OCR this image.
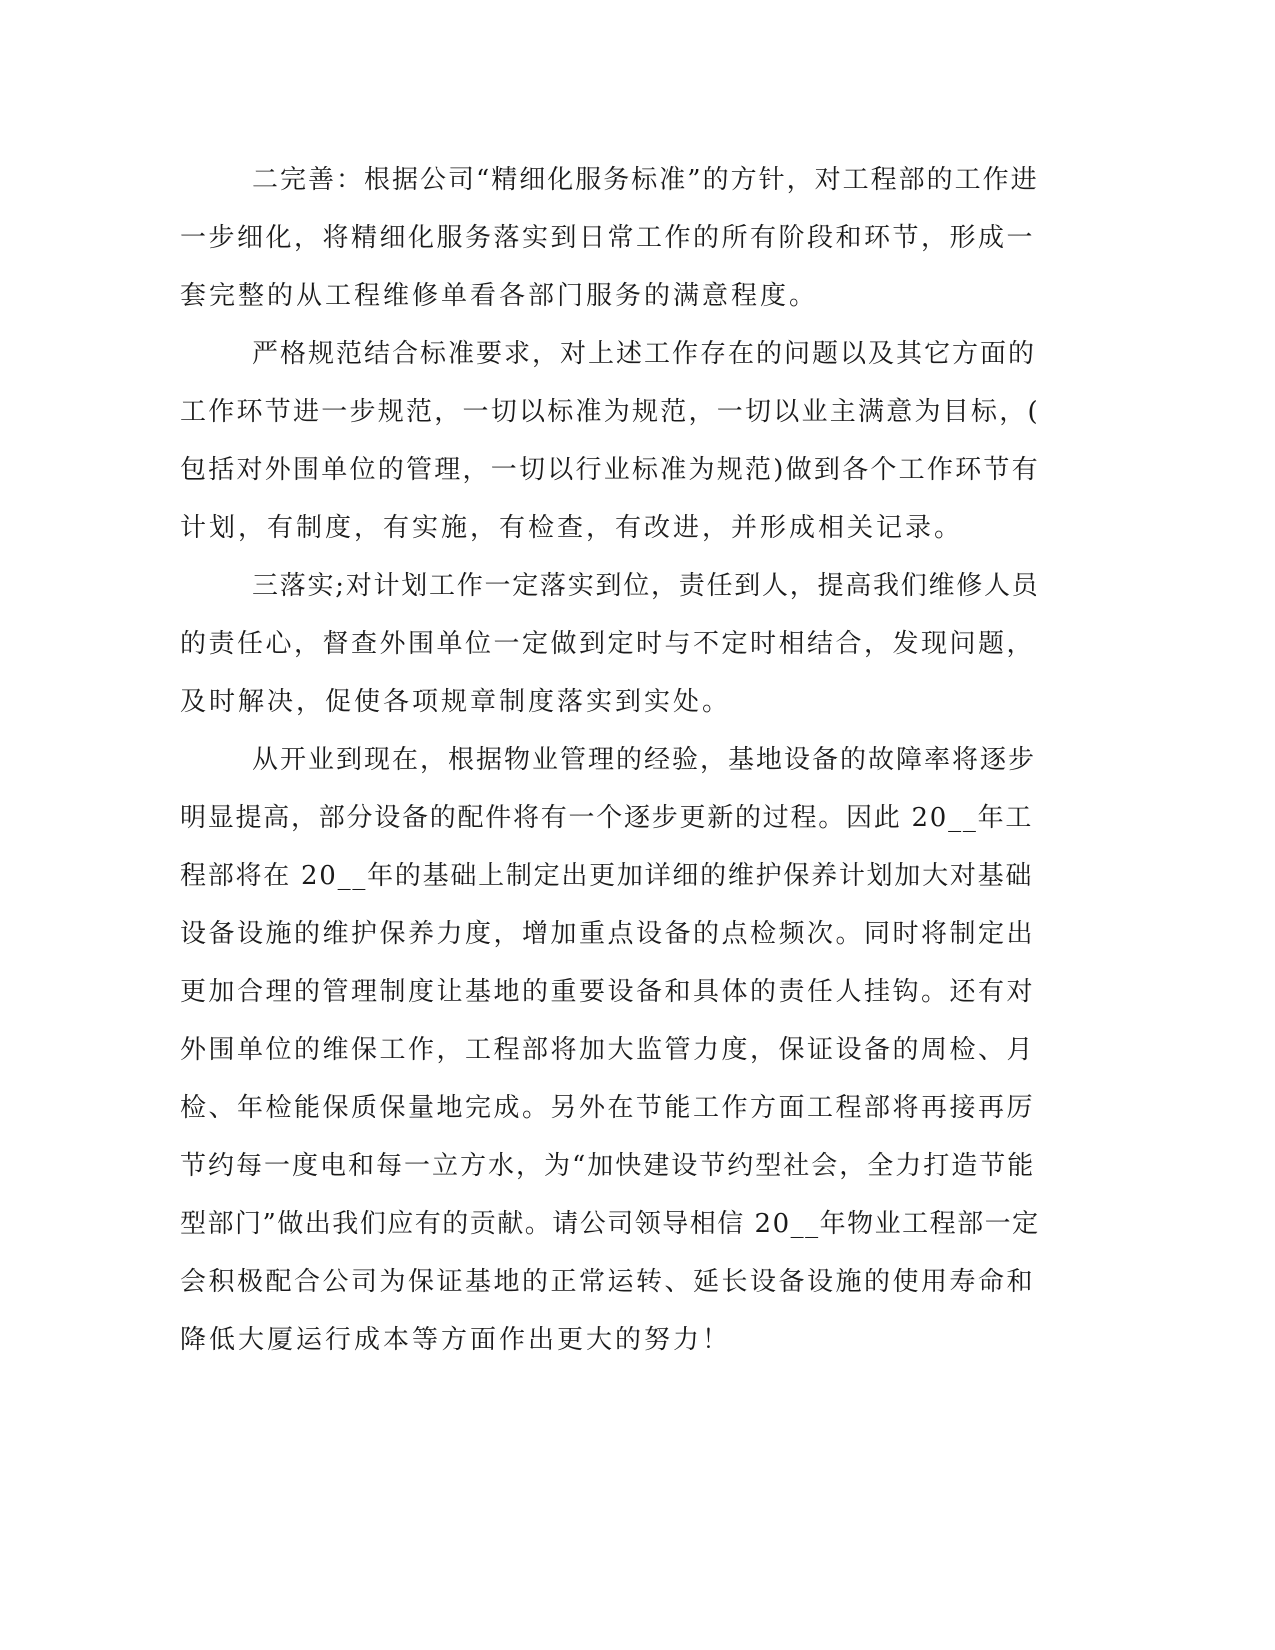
二完善：根据公司“精细化服务标准”的方针，对工程部的工作进
一步细化，将精细化服务落实到日常工作的所有阶段和环节，形成一
套完整的从工程维修单看各部门服务的满意程度。
严格规范结合标准要求，对上述工作存在的问题以及其它方面的
工作环节进一步规范，一切以标准为规范，一切以业主满意为目标，(
包括对外围单位的管理，一切以行业标准为规范)做到各个工作环节有
计划，有制度，有实施，有检查，有改进，并形成相关记录。
三落实;对计划工作一定落实到位，责任到人，提高我们维修人员
的责任心，督查外围单位一定做到定时与不定时相结合，发现问题，
及时解决，促使各项规章制度落实到实处。
从开业到现在，根据物业管理的经验，基地设备的故障率将逐步
明显提高，部分设备的配件将有一个逐步更新的过程。因此 20__年工
程部将在 20__年的基础上制定出更加详细的维护保养计划加大对基础
设备设施的维护保养力度，增加重点设备的点检频次。同时将制定出
更加合理的管理制度让基地的重要设备和具体的责任人挂钩。还有对
外围单位的维保工作，工程部将加大监管力度，保证设备的周检、月
检、年检能保质保量地完成。另外在节能工作方面工程部将再接再厉
节约每一度电和每一立方水，为“加快建设节约型社会，全力打造节能
型部门”做出我们应有的贡献。请公司领导相信 20__年物业工程部一定
会积极配合公司为保证基地的正常运转、延长设备设施的使用寿命和
降低大厦运行成本等方面作出更大的努力！
